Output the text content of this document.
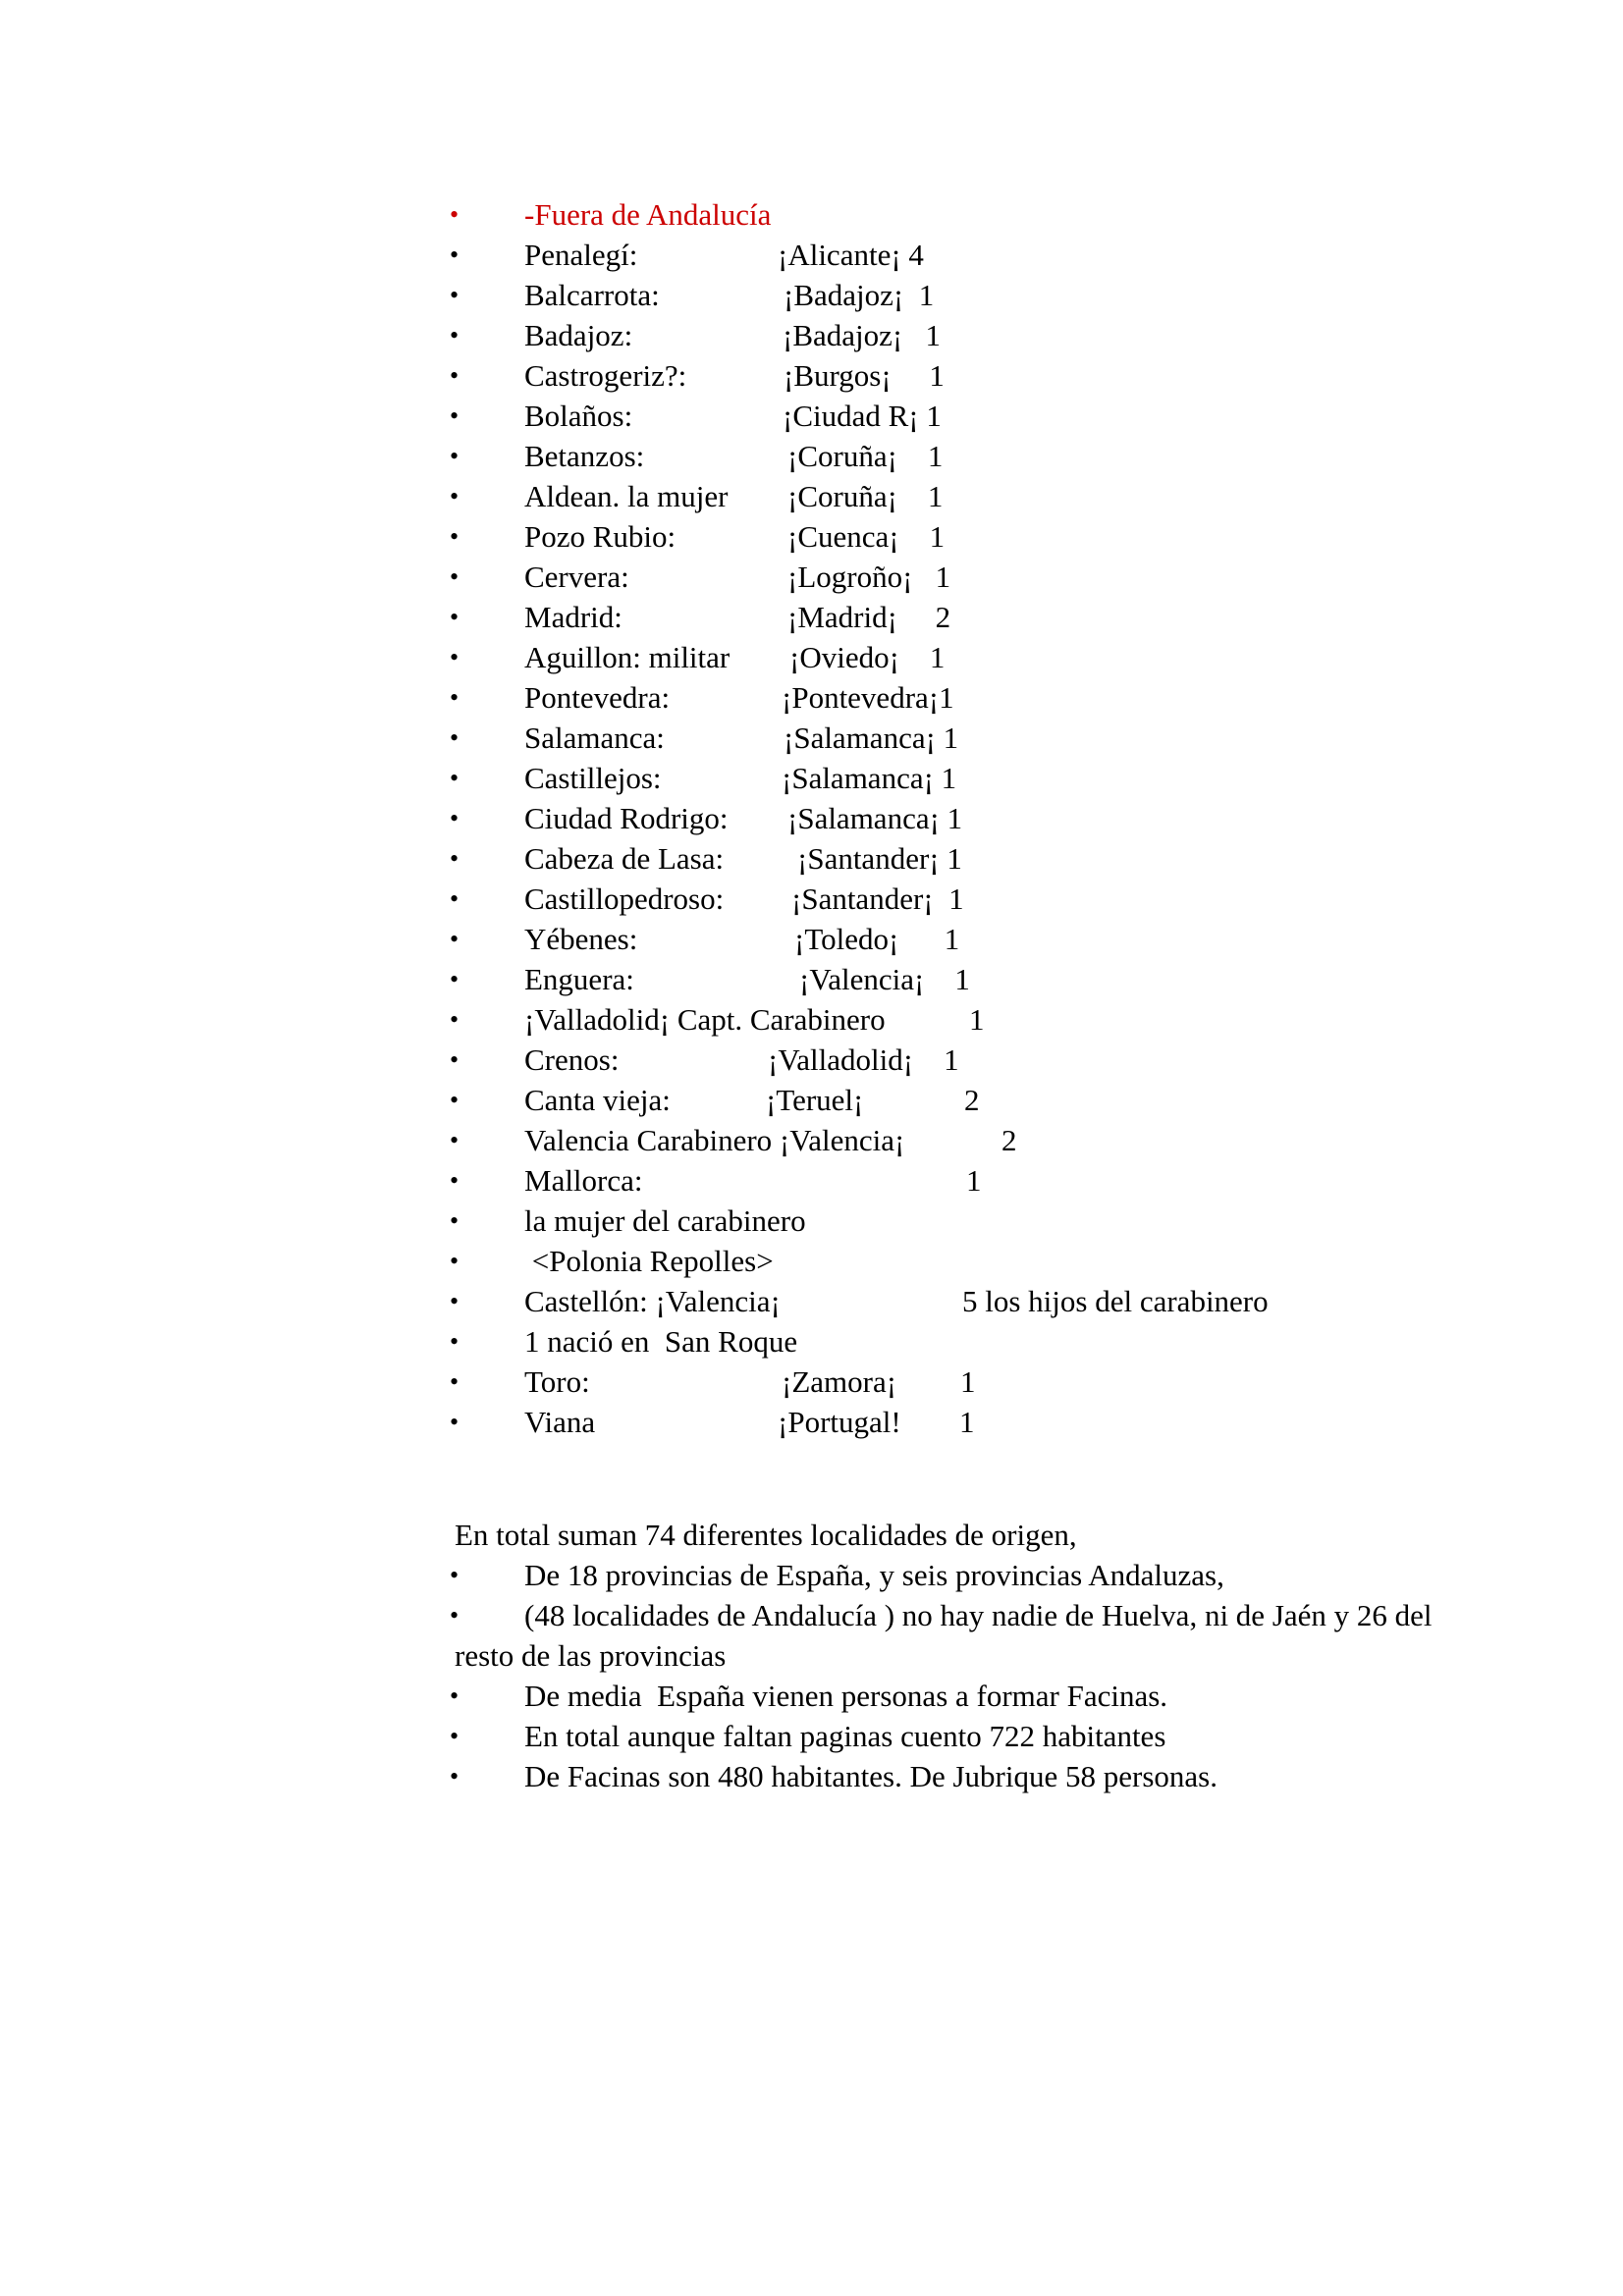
•

-Fuera de Andalucía

• Penalegí:	¡Alicante¡ 4
• Balcarrota:	¡Badajoz¡  1
• Badajoz:	¡Badajoz¡   1
• Castrogeriz?:	¡Burgos¡     1
• Bolaños:	¡Ciudad R¡ 1
• Betanzos:	¡Coruña¡    1
• Aldean. la mujer ¡Coruña¡    1
• Pozo Rubio:	¡Cuenca¡    1
• Cervera:	¡Logroño¡   1
• Madrid:	¡Madrid¡     2
• Aguillon: militar ¡Oviedo¡    1
• Pontevedra:	¡Pontevedra¡1
• Salamanca:	¡Salamanca¡ 1
• Castillejos:	¡Salamanca¡ 1
• Ciudad Rodrigo: ¡Salamanca¡ 1
• Cabeza de Lasa: ¡Santander¡ 1
• Castillopedroso: ¡Santander¡  1
• Yébenes:	¡Toledo¡      1
• Enguera:	¡Valencia¡    1
• ¡Valladolid¡ Capt. Carabinero	1
• Crenos:	¡Valladolid¡    1
• Canta vieja:	¡Teruel¡	2
• Valencia Carabinero ¡Valencia¡	2
• Mallorca:	1
• la mujer del carabinero
• <Polonia Repolles>
• Castellón: ¡Valencia¡	5 los hijos del carabinero
• 1 nació en  San Roque
• Toro:	¡Zamora¡ 1
• Viana	¡Portugal! 1

En total suman 74 diferentes localidades de origen,

•

De 18 provincias de España, y seis provincias Andaluzas,

•

(48 localidades de Andalucía ) no hay nadie de Huelva, ni de Jaén y 26 del

resto de las provincias

•

De media  España vienen personas a formar Facinas.

•

En total aunque faltan paginas cuento 722 habitantes

•

De Facinas son 480 habitantes. De Jubrique 58 personas.
